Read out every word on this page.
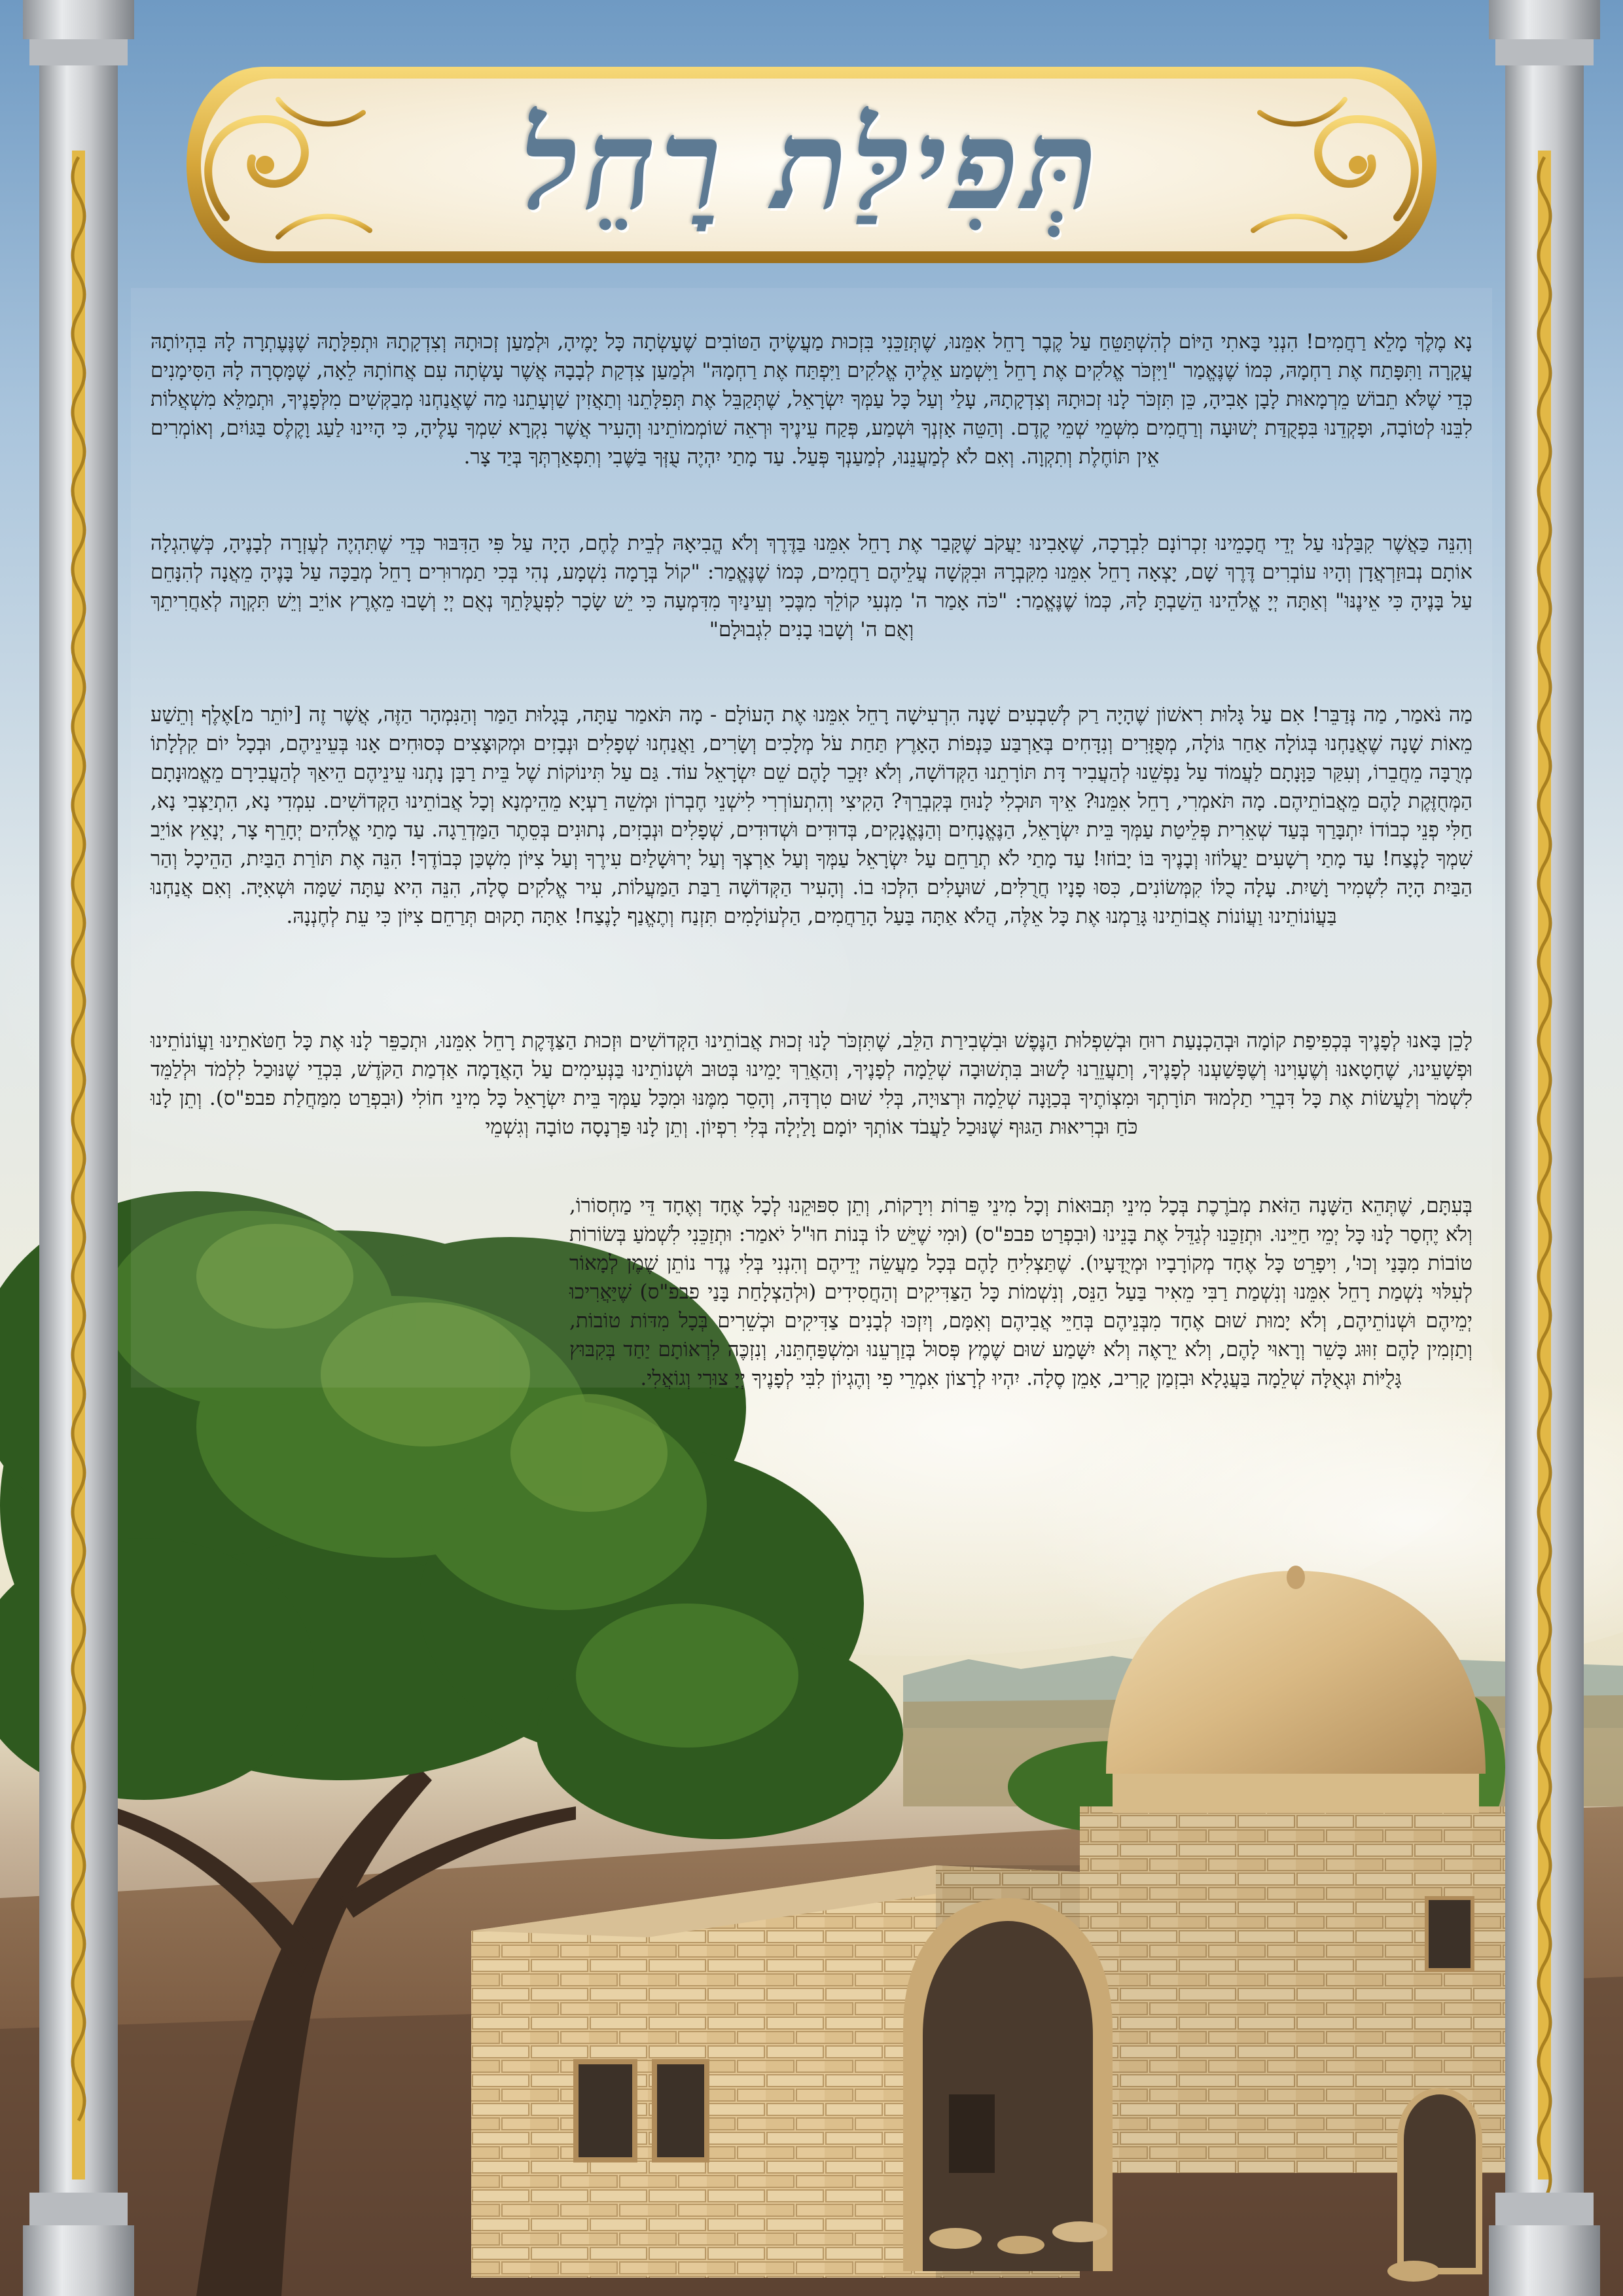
תְּפִילַּת רָחֵל

נָא מֶלֶךְ מָלֵא רַחֲמִים! הִנְנִי בָּאתִי הַיּוֹם לְהִשְׁתַּטֵּחַ עַל קֶבֶר רָחֵל אִמֵּנוּ, שֶׁתְּזַכֵּנִי בִּזְכוּת מַעֲשֶׂיהָ הַטּוֹבִים שֶׁעָשְׂתָה כָּל יָמֶיהָ, וּלְמַעַן זְכוּתָהּ וְצִדְקָתָהּ וּתְפִלָּתָהּ שֶׁנֶּעֶתְרָה לָהּ בִּהְיוֹתָהּ עֲקָרָה וַתִּפָּתַח אֶת רַחְמָהּ, כְּמוֹ שֶׁנֶּאֱמַר "וַיִּזְכֹּר אֱלֹקִים אֶת רָחֵל וַיִּשְׁמַע אֵלֶיהָ אֱלֹקִים וַיִּפְתַּח אֶת רַחְמָהּ" וּלְמַעַן צִדְקַת לְבָבָהּ אֲשֶׁר עָשְׂתָה עִם אֲחוֹתָהּ לֵאָה, שֶׁמָּסְרָה לָהּ הַסִּימָנִים כְּדֵי שֶׁלֹּא תֵבוֹשׁ מֵרְמָאוּת לָבָן אָבִיהָ, כֵּן תִּזְכֹּר לָנוּ זְכוּתָהּ וְצִדְקָתָהּ, עָלַי וְעַל כָּל עַמְּךָ יִשְׂרָאֵל, שֶׁתְּקַבֵּל אֶת תְּפִלָּתֵנוּ וְתַאֲזִין שַׁוְעָתֵנוּ מַה שֶׁאֲנַחְנוּ מְבַקְּשִׁים מִלְּפָנֶיךָ, וּתְמַלֵּא מִשְׁאֲלוֹת לִבֵּנוּ לְטוֹבָה, וּפָקְדֵנוּ בִּפְקֻדַּת יְשׁוּעָה וְרַחֲמִים מִשְּׁמֵי שְׁמֵי קֶדֶם. וְהַטֵּה אָזְנְךָ וּשְׁמַע, פְּקַח עֵינֶיךָ וּרְאֵה שׁוֹמְמוֹתֵינוּ וְהָעִיר אֲשֶׁר נִקְרָא שִׁמְךָ עָלֶיהָ, כִּי הָיִינוּ לַעַג וָקֶלֶס בַּגּוֹיִם, וְאוֹמְרִים אֵין תּוֹחֶלֶת וְתִקְוָה. וְאִם לֹא לְמַעֲנֵנוּ, לְמַעַנְךָ פְּעַל. עַד מָתַי יִהְיֶה עֻזְּךָ בַּשֶּׁבִי וְתִפְאַרְתְּךָ בְּיַד צָר.

וְהִנֵּה כַּאֲשֶׁר קִבַּלְנוּ עַל יְדֵי חֲכָמֵינוּ זִכְרוֹנָם לִבְרָכָה, שֶׁאָבִינוּ יַעֲקֹב שֶׁקָּבַר אֶת רָחֵל אִמֵּנוּ בַּדֶּרֶךְ וְלֹא הֱבִיאָהּ לְבֵית לֶחֶם, הָיָה עַל פִּי הַדִּבּוּר כְּדֵי שֶׁתִּהְיֶה לְעֶזְרָה לְבָנֶיהָ, כְּשֶׁהִגְלָה אוֹתָם נְבוּזַרְאֲדָן וְהָיוּ עוֹבְרִים דֶּרֶךְ שָׁם, יָצְאָה רָחֵל אִמֵּנוּ מִקִּבְרָהּ וּבִקְּשָׁה עֲלֵיהֶם רַחֲמִים, כְּמוֹ שֶׁנֶּאֱמַר: "קוֹל בְּרָמָה נִשְׁמָע, נְהִי בְּכִי תַמְרוּרִים רָחֵל מְבַכָּה עַל בָּנֶיהָ מֵאֲנָה לְהִנָּחֵם עַל בָּנֶיהָ כִּי אֵינֶנּוּ" וְאַתָּה יְיָ אֱלֹהֵינוּ הֵשַׁבְתָּ לָהּ, כְּמוֹ שֶׁנֶּאֱמַר: "כֹּה אָמַר ה' מִנְעִי קוֹלֵךְ מִבֶּכִי וְעֵינַיִךְ מִדִּמְעָה כִּי יֵשׁ שָׂכָר לִפְעֻלָּתֵךְ נְאֻם יְיָ וְשָׁבוּ מֵאֶרֶץ אוֹיֵב וְיֵשׁ תִּקְוָה לְאַחֲרִיתֵךְ וְאֻם ה' וְשָׁבוּ בָנִים לִגְבוּלָם"

מַה נֹּאמַר, מַה נְּדַבֵּר! אִם עַל גָּלוּת רִאשׁוֹן שֶׁהָיָה רַק לְשִׁבְעִים שָׁנָה הִרְעִישָׁה רָחֵל אִמֵּנוּ אֶת הָעוֹלָם - מָה תֹּאמַר עַתָּה, בְּגָלוּת הַמַּר וְהַנִּמְהָר הַזֶּה, אֲשֶׁר זֶה [יוֹתֵר מ]אֶלֶף וְתֵשַׁע מֵאוֹת שָׁנָה שֶׁאֲנַחְנוּ בְּגוֹלָה אַחַר גּוֹלָה, מְפֻזָּרִים וְנִדָּחִים בְּאַרְבַּע כַּנְפוֹת הָאָרֶץ תַּחַת עֹל מְלָכִים וְשָׂרִים, וַאֲנַחְנוּ שְׁפָלִים וּנְבָזִים וּמְקוּצָּצִים כְּסוּחִים אָנוּ בְּעֵינֵיהֶם, וּבְכָל יוֹם קִלְלָתוֹ מְרֻבָּה מֵחֲבֵרוֹ, וְעִקַּר כַּוָּנָתָם לַעֲמוֹד עַל נַפְשֵׁנוּ לְהַעֲבִיר דָּת תּוֹרָתֵנוּ הַקְּדוֹשָׁה, וְלֹא יִזָּכֵר לָהֶם שֵׁם יִשְׂרָאֵל עוֹד. גַּם עַל תִּינוֹקוֹת שֶׁל בֵּית רַבָּן נָתְנוּ עֵינֵיהֶם הֵיאַךְ לְהַעֲבִירָם מֵאֱמוּנָתָם הַמְּחֻזֶּקֶת לָהֶם מֵאֲבוֹתֵיהֶם. מָה תֹּאמְרִי, רָחֵל אִמֵּנוּ? אֵיךְ תּוּכְלִי לָנוּחַ בְּקִבְרֵךְ? הָקִיצִי וְהִתְעוֹרְרִי לִישְׁנֵי חֶבְרוֹן וּמְשֵׁה רַעְיָא מֵהֵימְנָא וְכָל אֲבוֹתֵינוּ הַקְּדוֹשִׁים. עִמְדִי נָא, הִתְיַצְּבִי נָא, חַלִּי פְנֵי כְבוֹדוֹ יִתְבָּרַךְ בְּעַד שְׁאֵרִית פְּלֵיטַת עַמְּךָ בֵּית יִשְׂרָאֵל, הַנֶּאֱנָחִים וְהַנֶּאֱנָקִים, בְּדוּדִים וּשְׁדוּדִים, שְׁפָלִים וּנְבָזִים, נְתוּנִים בְּסֵתֶר הַמַּדְרֵגָה. עַד מָתַי אֱלֹהִים יְחָרֵף צָר, יְנָאֵץ אוֹיֵב שִׁמְךָ לָנֶצַח! עַד מָתַי רְשָׁעִים יַעֲלוֹזוּ וְבָנֶיךָ בּוֹ יָבוֹזוּ! עַד מָתַי לֹא תְרַחֵם עַל יִשְׂרָאֵל עַמְּךָ וְעַל אַרְצְךָ וְעַל יְרוּשָׁלַיִם עִירֶךָ וְעַל צִיּוֹן מִשְׁכַּן כְּבוֹדֶךָ! הִנֵּה אֶת תּוֹרַת הַבַּיִת, הַהֵיכָל וְהַר הַבַּיִת הָיָה לִשְׁמִיר וָשַׁיִת. עָלָה כֻלּוֹ קִמְּשׂוֹנִים, כִּסּוּ פָנָיו חֲרֻלִּים, שׁוּעָלִים הִלְּכוּ בוֹ. וְהָעִיר הַקְּדוֹשָׁה רַבַּת הַמַּעֲלוֹת, עִיר אֱלֹקִים סֶלָה, הִנֵּה הִיא עַתָּה שַׁמָּה וּשְׁאִיָּה. וְאִם אֲנַחְנוּ בַּעֲוֹנוֹתֵינוּ וַעֲוֹנוֹת אֲבוֹתֵינוּ גָּרַמְנוּ אֶת כָּל אֵלֶּה, הֲלֹא אַתָּה בַּעַל הָרַחֲמִים, הַלְעוֹלָמִים תִּזְנַח וְתֶאֱנַף לָנֶצַח! אַתָּה תָקוּם תְּרַחֵם צִיּוֹן כִּי עֵת לְחֶנְנָהּ.

לָכֵן בָּאנוּ לְפָנֶיךָ בְּכְפִיפַת קוֹמָה וּבְהַכְנָעַת רוּחַ וּבְשִׁפְלוּת הַנֶּפֶשׁ וּבִשְׁבִירַת הַלֵּב, שֶׁתִּזְכֹּר לָנוּ זְכוּת אֲבוֹתֵינוּ הַקְּדוֹשִׁים וּזְכוּת הַצַּדֶּקֶת רָחֵל אִמֵּנוּ, וּתְכַפֵּר לָנוּ אֶת כָּל חַטֹּאתֵינוּ וַעֲוֹנוֹתֵינוּ וּפְשָׁעֵינוּ, שֶׁחָטָאנוּ וְשֶׁעָוִינוּ וְשֶׁפָּשַׁעְנוּ לְפָנֶיךָ, וְתַעֲזֵרֵנוּ לָשׁוּב בִּתְשׁוּבָה שְׁלֵמָה לְפָנֶיךָ, וְהַאֲרֵךְ יָמֵינוּ בְּטוּב וּשְׁנוֹתֵינוּ בַּנְּעִימִים עַל הָאֲדָמָה אַדְמַת הַקֹּדֶשׁ, בִּכְדֵי שֶׁנּוּכַל לִלְמֹד וּלְלַמֵּד לִשְׁמֹר וְלַעֲשׂוֹת אֶת כָּל דִּבְרֵי תַלְמוּד תּוֹרָתְךָ וּמִצְוֹתֶיךָ בְּכַוָּנָה שְׁלֵמָה וּרְצוּיָה, בְּלִי שׁוּם טִרְדָּה, וְהָסֵר מִמֶּנּוּ וּמִכָּל עַמְּךָ בֵּית יִשְׂרָאֵל כָּל מִינֵי חוֹלִי (וּבִפְרַט מִמַּחֲלַת פבפ"ס). וְתֵן לָנוּ כֹּחַ וּבְרִיאוּת הַגּוּף שֶׁנּוּכַל לַעֲבֹד אוֹתְךָ יוֹמָם וָלַיְלָה בְּלִי רִפְיוֹן. וְתֵן לָנוּ פַּרְנָסָה טוֹבָה וְגִשְׁמֵי

בְּעִתָּם, שֶׁתְּהֵא הַשָּׁנָה הַזֹּאת מְבֹרֶכֶת בְּכָל מִינֵי תְּבוּאוֹת וְכָל מִינֵי פֵּרוֹת וִירָקוֹת, וְתֵן סִפּוּקֵנוּ לְכָל אֶחָד וְאֶחָד דֵּי מַחְסוֹרוֹ, וְלֹא יֶחְסַר לָנוּ כָּל יְמֵי חַיֵּינוּ. וּתְזַכֵּנוּ לְגַדֵּל אֶת בָּנֵינוּ (וּבִפְרַט פבפ"ס) (וּמִי שֶׁיֵּשׁ לוֹ בְּנוֹת חוּ"ל יֹאמַר: וּתְזַכֵּנִי לִשְׁמֹעַ בְּשׂוֹרוֹת טוֹבוֹת מִבָּנַי וְכוּ', וִיפָרֵט כָּל אֶחָד מְקוֹרָבָיו וּמְיֻדָּעָיו). שֶׁתַּצְלִיחַ לָהֶם בְּכָל מַעֲשֵׂה יְדֵיהֶם וְהִנְנִי בְּלִי נֶדֶר נוֹתֵן שֶׁמֶן לְמָאוֹר לְעִלּוּי נִשְׁמַת רָחֵל אִמֵּנוּ וְנִשְׁמַת רַבִּי מֵאִיר בַּעַל הַנֵּס, וְנִשְׁמוֹת כָּל הַצַּדִּיקִים וְהַחֲסִידִים (וּלְהַצְלָחַת בָּנַי פבפ"ס) שֶׁיַּאֲרִיכוּ יְמֵיהֶם וּשְׁנוֹתֵיהֶם, וְלֹא יָמוּת שׁוּם אֶחָד מִבְּנֵיהֶם בְּחַיֵּי אֲבִיהֶם וְאִמָּם, וְיִזְכּוּ לְבָנִים צַדִּיקִים וּכְשֵׁרִים בְּכָל מִדּוֹת טוֹבוֹת, וְתַזְמִין לָהֶם זִוּוּג כָּשֵׁר וְרָאוּי לָהֶם, וְלֹא יֵרָאֶה וְלֹא יִשָּׁמַע שׁוּם שֶׁמֶץ פְּסוּל בְּזַרְעֵנוּ וּמִשְׁפַּחְתֵּנוּ, וְנִזְכֶּה לִרְאוֹתָם יַחַד בְּקִבּוּץ גָּלֻיּוֹת וּגְאֻלָּה שְׁלֵמָה בַּעֲגָלָא וּבִזְמַן קָרִיב, אָמֵן סֶלָה. יִהְיוּ לְרָצוֹן אִמְרֵי פִי וְהֶגְיוֹן לִבִּי לְפָנֶיךָ יְיָ צוּרִי וְגוֹאֲלִי.
